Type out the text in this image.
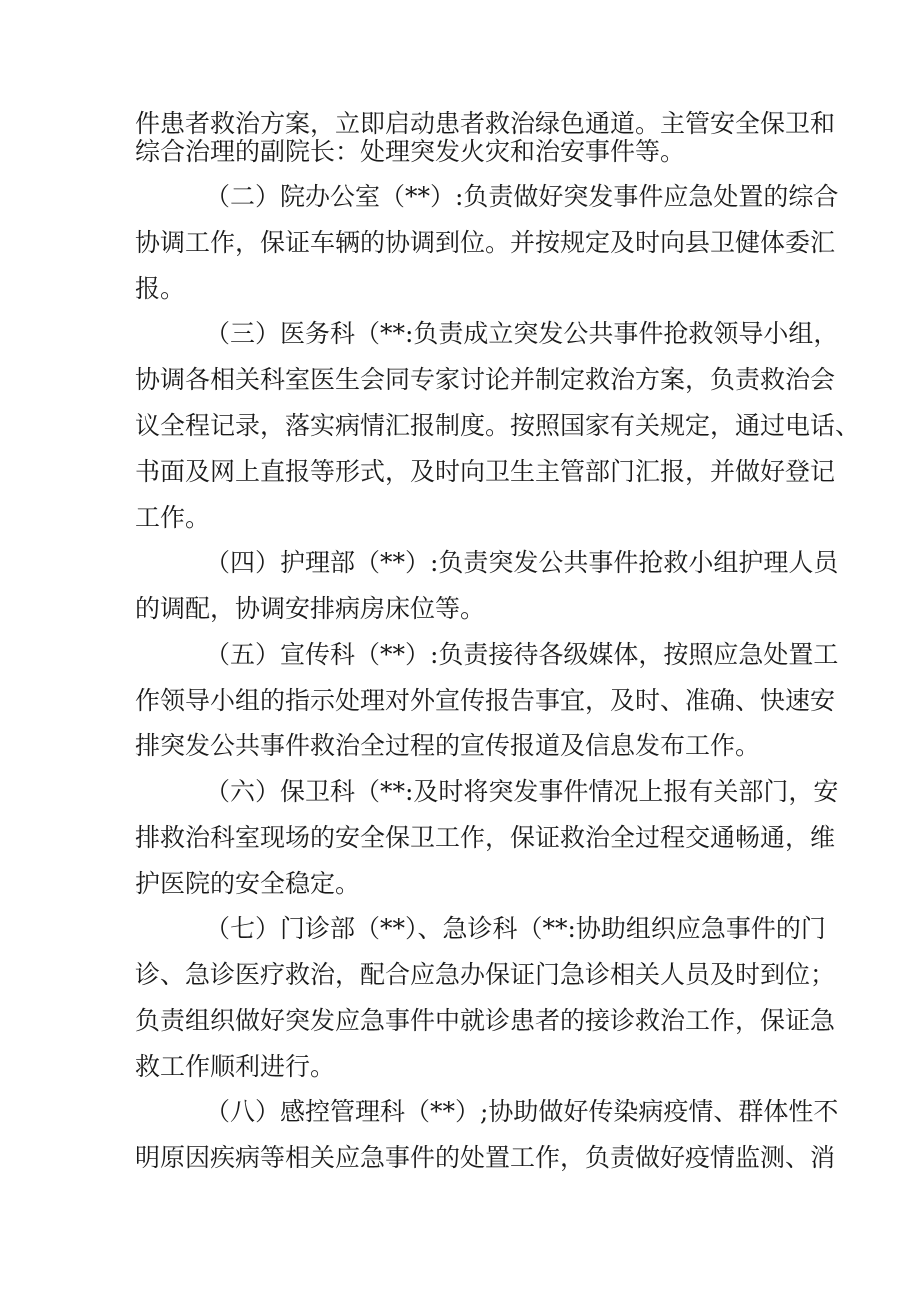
件患者救治方案，立即启动患者救治绿色通道。主管安全保卫和
综合治理的副院长：处理突发火灾和治安事件等。
（二）院办公室（**）:负责做好突发事件应急处置的综合
协调工作，保证车辆的协调到位。并按规定及时向县卫健体委汇
报。
（三）医务科（**:负责成立突发公共事件抢救领导小组，
协调各相关科室医生会同专家讨论并制定救治方案，负责救治会
议全程记录，落实病情汇报制度。按照国家有关规定，通过电话、
书面及网上直报等形式，及时向卫生主管部门汇报，并做好登记
工作。
（四）护理部（**）:负责突发公共事件抢救小组护理人员
的调配，协调安排病房床位等。
（五）宣传科（**）:负责接待各级媒体，按照应急处置工
作领导小组的指示处理对外宣传报告事宜，及时、准确、快速安
排突发公共事件救治全过程的宣传报道及信息发布工作。
（六）保卫科（**:及时将突发事件情况上报有关部门，安
排救治科室现场的安全保卫工作，保证救治全过程交通畅通，维
护医院的安全稳定。
（七）门诊部（**）、急诊科（**:协助组织应急事件的门
诊、急诊医疗救治，配合应急办保证门急诊相关人员及时到位；
负责组织做好突发应急事件中就诊患者的接诊救治工作，保证急
救工作顺利进行。
（八）感控管理科（**）;协助做好传染病疫情、群体性不
明原因疾病等相关应急事件的处置工作，负责做好疫情监测、消
